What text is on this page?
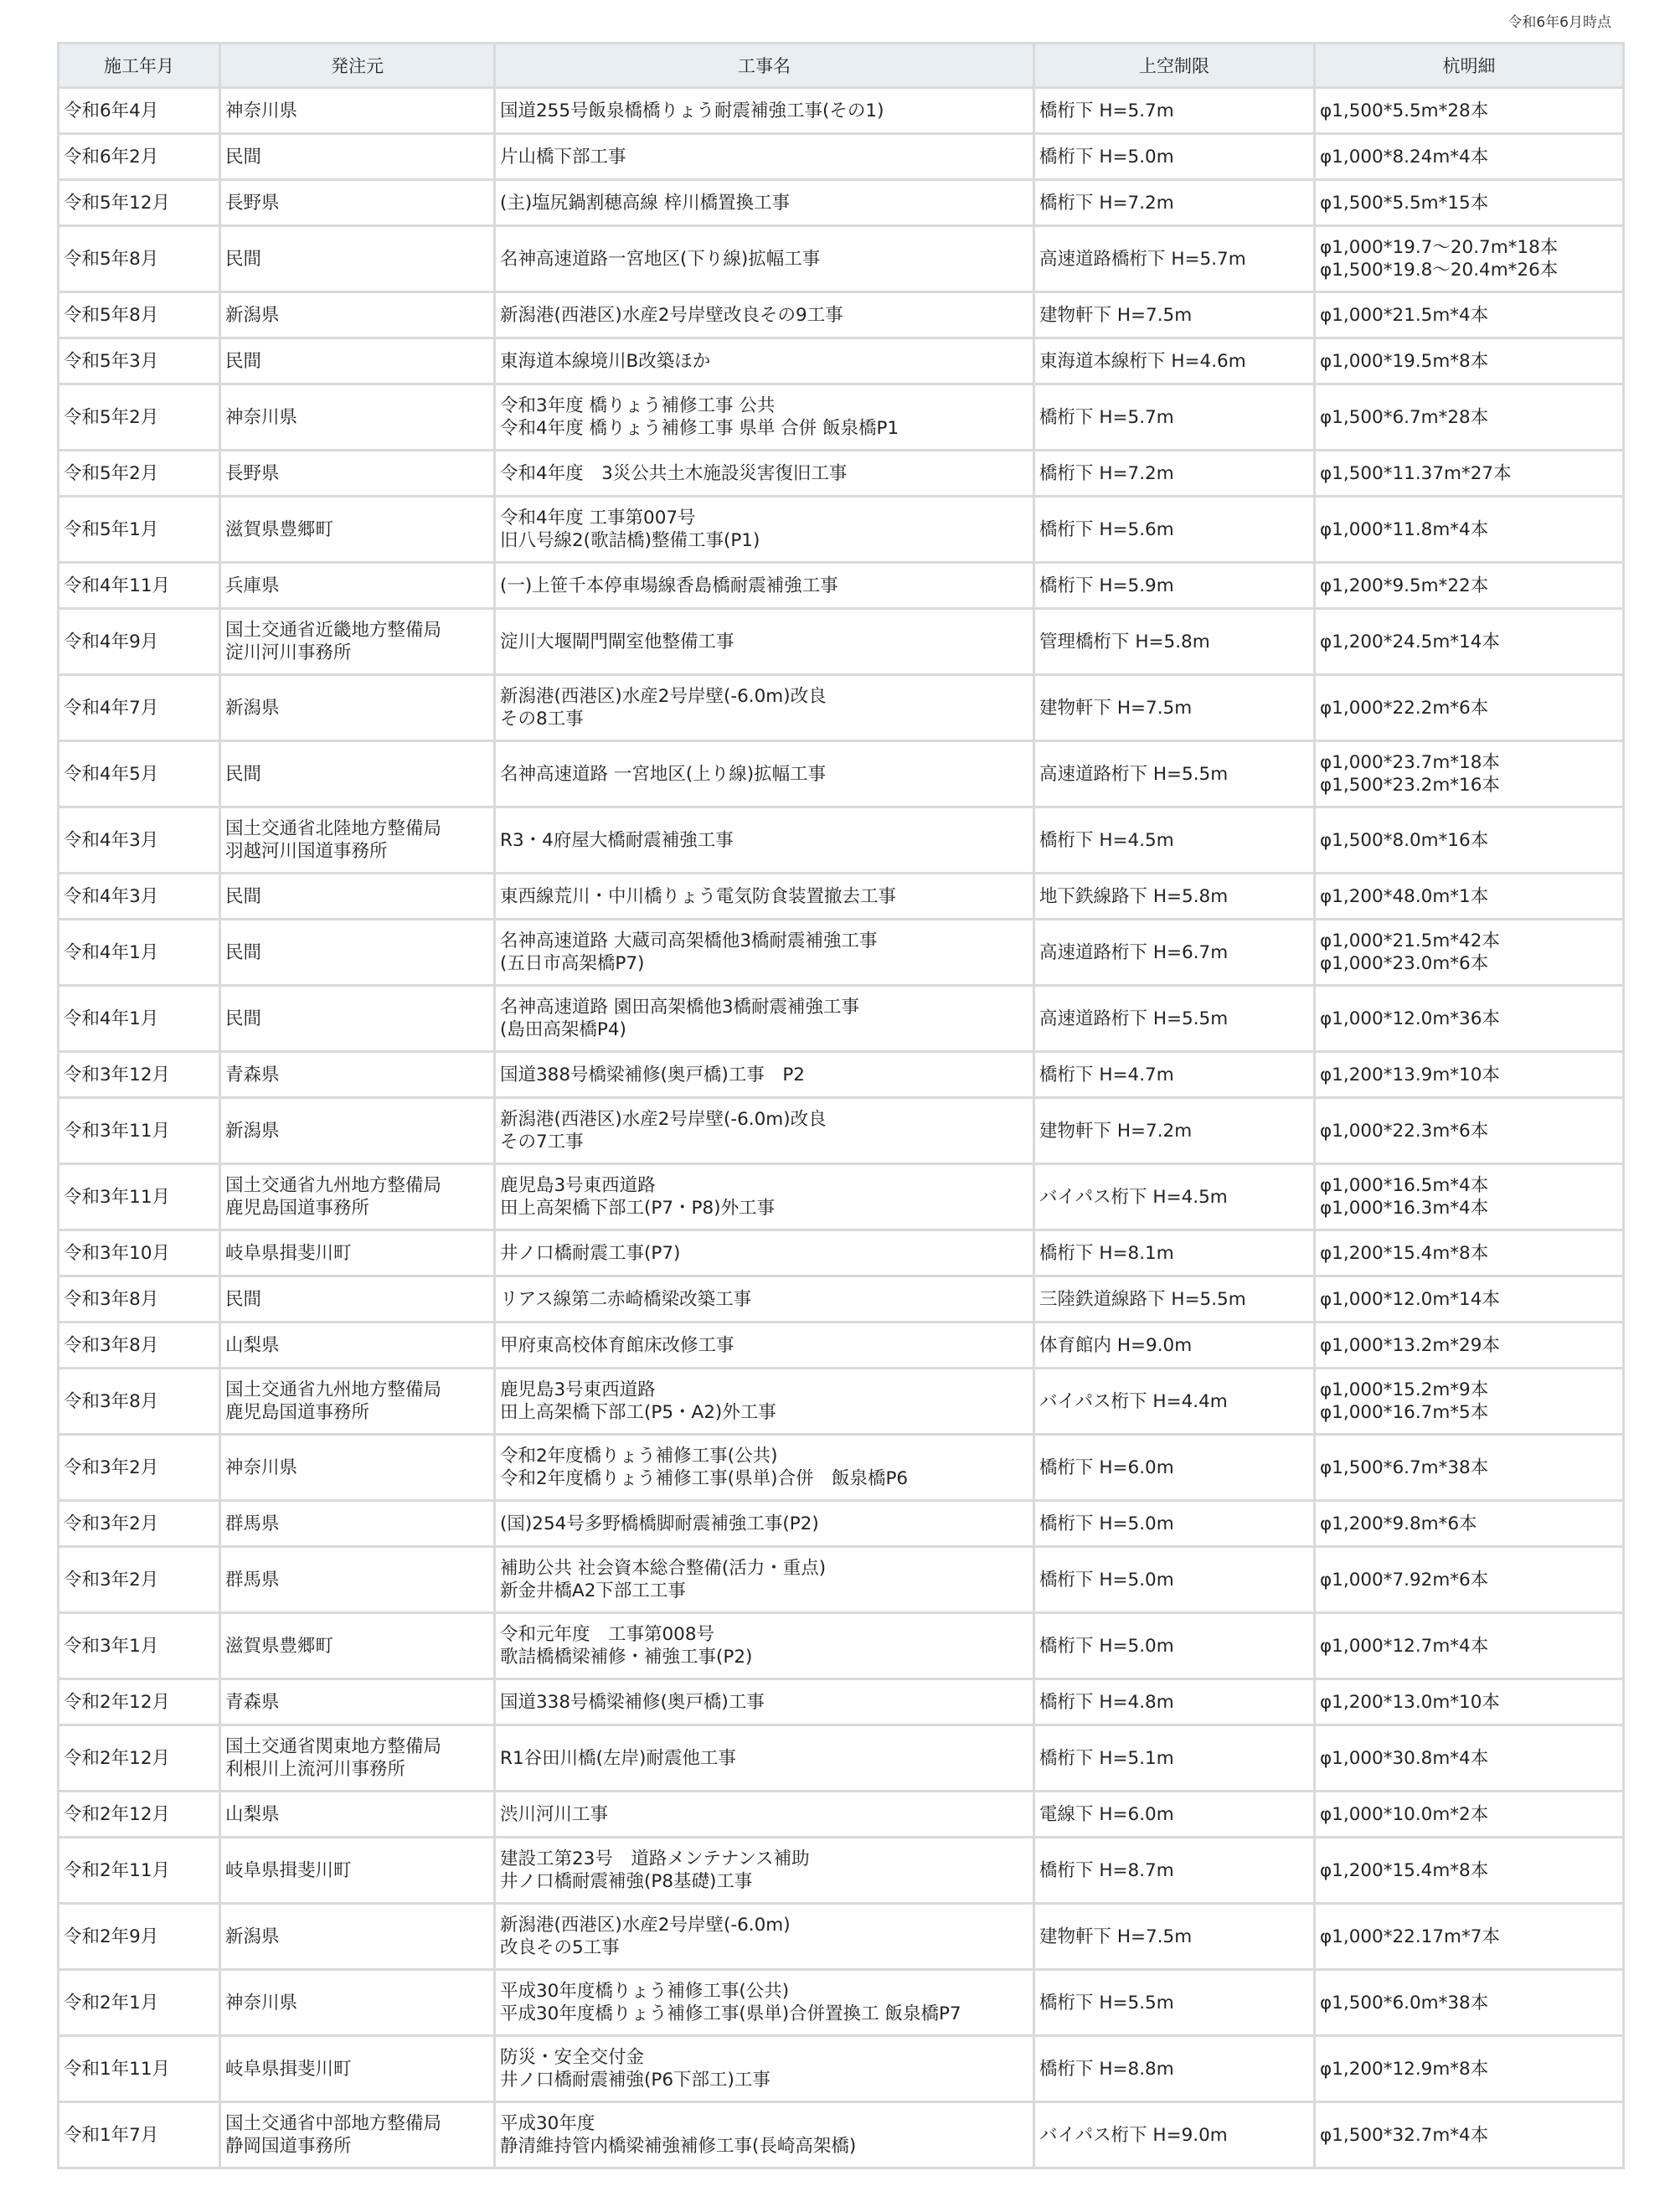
令和6年6月時点
施工年月	発注元	工事名	上空制限	杭明細
令和6年4月	神奈川県	国道255号飯泉橋橋りょう耐震補強工事(その1)	橋桁下 H=5.7m	φ1,500*5.5m*28本

令和6年2月	民間	片山橋下部工事	橋桁下 H=5.0m	φ1,000*8.24m*4本

令和5年12月	長野県	(主)塩尻鍋割穂高線 梓川橋置換工事	橋桁下 H=7.2m	φ1,500*5.5m*15本

令和5年8月	民間	名神高速道路一宮地区(下り線)拡幅工事	高速道路橋桁下 H=5.7m	φ1,000*19.7～20.7m*18本
φ1,500*19.8～20.4m*26本

令和5年8月	新潟県	新潟港(西港区)水産2号岸壁改良その9工事	建物軒下 H=7.5m	φ1,000*21.5m*4本

令和5年3月	民間	東海道本線境川B改築ほか	東海道本線桁下 H=4.6m	φ1,000*19.5m*8本

令和5年2月	神奈川県	令和3年度 橋りょう補修工事 公共
令和4年度 橋りょう補修工事 県単 合併 飯泉橋P1	橋桁下 H=5.7m	φ1,500*6.7m*28本

令和5年2月	長野県	令和4年度　3災公共土木施設災害復旧工事	橋桁下 H=7.2m	φ1,500*11.37m*27本

令和5年1月	滋賀県豊郷町	令和4年度 工事第007号
旧八号線2(歌詰橋)整備工事(P1)	橋桁下 H=5.6m	φ1,000*11.8m*4本

令和4年11月	兵庫県	(一)上笹千本停車場線香島橋耐震補強工事	橋桁下 H=5.9m	φ1,200*9.5m*22本

令和4年9月	国土交通省近畿地方整備局
淀川河川事務所	淀川大堰閘門閘室他整備工事	管理橋桁下 H=5.8m	φ1,200*24.5m*14本

令和4年7月	新潟県	新潟港(西港区)水産2号岸壁(-6.0m)改良
その8工事	建物軒下 H=7.5m	φ1,000*22.2m*6本

令和4年5月	民間	名神高速道路 一宮地区(上り線)拡幅工事	高速道路桁下 H=5.5m	φ1,000*23.7m*18本
φ1,500*23.2m*16本

令和4年3月	国土交通省北陸地方整備局
羽越河川国道事務所	R3・4府屋大橋耐震補強工事	橋桁下 H=4.5m	φ1,500*8.0m*16本

令和4年3月	民間	東西線荒川・中川橋りょう電気防食装置撤去工事	地下鉄線路下 H=5.8m	φ1,200*48.0m*1本

令和4年1月	民間	名神高速道路 大蔵司高架橋他3橋耐震補強工事
(五日市高架橋P7)	高速道路桁下 H=6.7m	φ1,000*21.5m*42本
φ1,000*23.0m*6本

令和4年1月	民間	名神高速道路 園田高架橋他3橋耐震補強工事
(島田高架橋P4)	高速道路桁下 H=5.5m	φ1,000*12.0m*36本

令和3年12月	青森県	国道388号橋梁補修(奥戸橋)工事　P2	橋桁下 H=4.7m	φ1,200*13.9m*10本

令和3年11月	新潟県	新潟港(西港区)水産2号岸壁(-6.0m)改良
その7工事	建物軒下 H=7.2m	φ1,000*22.3m*6本

令和3年11月	国土交通省九州地方整備局
鹿児島国道事務所	鹿児島3号東西道路
田上高架橋下部工(P7・P8)外工事	バイパス桁下 H=4.5m	φ1,000*16.5m*4本
φ1,000*16.3m*4本

令和3年10月	岐阜県揖斐川町	井ノ口橋耐震工事(P7)	橋桁下 H=8.1m	φ1,200*15.4m*8本

令和3年8月	民間	リアス線第二赤崎橋梁改築工事	三陸鉄道線路下 H=5.5m	φ1,000*12.0m*14本

令和3年8月	山梨県	甲府東高校体育館床改修工事	体育館内 H=9.0m	φ1,000*13.2m*29本

令和3年8月	国土交通省九州地方整備局
鹿児島国道事務所	鹿児島3号東西道路
田上高架橋下部工(P5・A2)外工事	バイパス桁下 H=4.4m	φ1,000*15.2m*9本
φ1,000*16.7m*5本

令和3年2月	神奈川県	令和2年度橋りょう補修工事(公共)
令和2年度橋りょう補修工事(県単)合併　飯泉橋P6	橋桁下 H=6.0m	φ1,500*6.7m*38本

令和3年2月	群馬県	(国)254号多野橋橋脚耐震補強工事(P2)	橋桁下 H=5.0m	φ1,200*9.8m*6本

令和3年2月	群馬県	補助公共 社会資本総合整備(活力・重点)
新金井橋A2下部工工事	橋桁下 H=5.0m	φ1,000*7.92m*6本

令和3年1月	滋賀県豊郷町	令和元年度　工事第008号
歌詰橋橋梁補修・補強工事(P2)	橋桁下 H=5.0m	φ1,000*12.7m*4本

令和2年12月	青森県	国道338号橋梁補修(奥戸橋)工事	橋桁下 H=4.8m	φ1,200*13.0m*10本

令和2年12月	国土交通省関東地方整備局
利根川上流河川事務所	R1谷田川橋(左岸)耐震他工事	橋桁下 H=5.1m	φ1,000*30.8m*4本

令和2年12月	山梨県	渋川河川工事	電線下 H=6.0m	φ1,000*10.0m*2本

令和2年11月	岐阜県揖斐川町	建設工第23号　道路メンテナンス補助
井ノ口橋耐震補強(P8基礎)工事	橋桁下 H=8.7m	φ1,200*15.4m*8本

令和2年9月	新潟県	新潟港(西港区)水産2号岸壁(-6.0m)
改良その5工事	建物軒下 H=7.5m	φ1,000*22.17m*7本

令和2年1月	神奈川県	平成30年度橋りょう補修工事(公共)
平成30年度橋りょう補修工事(県単)合併置換工 飯泉橋P7	橋桁下 H=5.5m	φ1,500*6.0m*38本

令和1年11月	岐阜県揖斐川町	防災・安全交付金
井ノ口橋耐震補強(P6下部工)工事	橋桁下 H=8.8m	φ1,200*12.9m*8本

令和1年7月	国土交通省中部地方整備局
静岡国道事務所	平成30年度
静清維持管内橋梁補強補修工事(長崎高架橋)	バイパス桁下 H=9.0m	φ1,500*32.7m*4本
